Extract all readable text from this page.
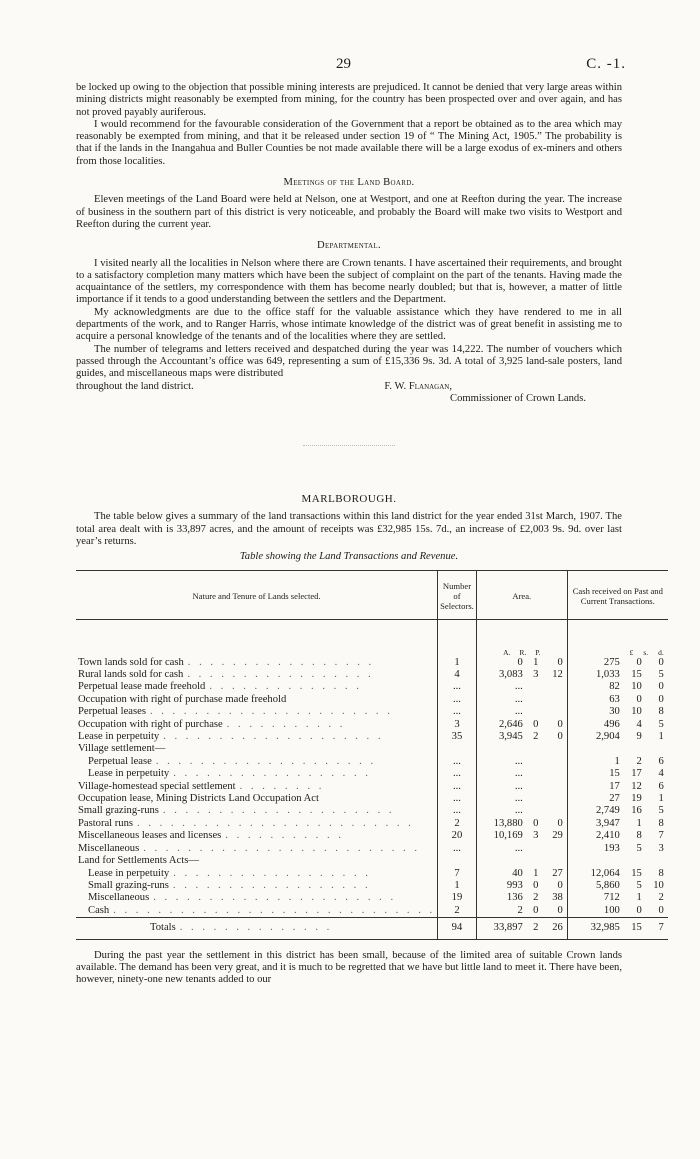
29	C. -1.

be locked up owing to the objection that possible mining interests are prejudiced. It cannot be denied that very large areas within mining districts might reasonably be exempted from mining, for the country has been prospected over and over again, and has not proved payably auriferous.

I would recommend for the favourable consideration of the Government that a report be obtained as to the area which may reasonably be exempted from mining, and that it be released under section 19 of “ The Mining Act, 1905.” The probability is that if the lands in the Inangahua and Buller Counties be not made available there will be a large exodus of ex-miners and others from those localities.

Meetings of the Land Board.

Eleven meetings of the Land Board were held at Nelson, one at Westport, and one at Reefton during the year. The increase of business in the southern part of this district is very noticeable, and probably the Board will make two visits to Westport and Reefton during the current year.

Departmental.

I visited nearly all the localities in Nelson where there are Crown tenants. I have ascertained their requirements, and brought to a satisfactory completion many matters which have been the subject of complaint on the part of the tenants. Having made the acquaintance of the settlers, my correspondence with them has become nearly doubled; but that is, however, a matter of little importance if it tends to a good understanding between the settlers and the Department.

My acknowledgments are due to the office staff for the valuable assistance which they have rendered to me in all departments of the work, and to Ranger Harris, whose intimate knowledge of the district was of great benefit in assisting me to acquire a personal knowledge of the tenants and of the localities where they are settled.

The number of telegrams and letters received and despatched during the year was 14,222. The number of vouchers which passed through the Accountant’s office was 649, representing a sum of £15,336 9s. 3d. A total of 3,925 land-sale posters, land guides, and miscellaneous maps were distributed

throughout the land district.	F. W. Flanagan,
Commissioner of Crown Lands.
MARLBOROUGH.

The table below gives a summary of the land transactions within this land district for the year ended 31st March, 1907. The total area dealt with is 33,897 acres, and the amount of receipts was £32,985 15s. 7d., an increase of £2,003 9s. 9d. over last year’s returns.

Table showing the Land Transactions and Revenue.
Nature and Tenure of Lands selected.	Number of Selectors.	Area.	Cash received on Past and Current Transactions.

		A. R. P.	£ s. d.

Town lands sold for cash . . . . . . . . . . . . . . . . .	1	0 1 0	275 0 0

Rural lands sold for cash . . . . . . . . . . . . . . . . .	4	3,083 3 12	1,033 15 5

Perpetual lease made freehold . . . . . . . . . . . . . .	...	...	82 10 0

Occupation with right of purchase made freehold	...	...	63 0 0

Perpetual leases . . . . . . . . . . . . . . . . . . . . . .	...	...	30 10 8

Occupation with right of purchase . . . . . . . . . . .	3	2,646 0 0	496 4 5

Lease in perpetuity . . . . . . . . . . . . . . . . . . . .	35	3,945 2 0	2,904 9 1

Village settlement—			

Perpetual lease . . . . . . . . . . . . . . . . . . . .	...	...	1 2 6

Lease in perpetuity . . . . . . . . . . . . . . . . . .	...	...	15 17 4

Village-homestead special settlement . . . . . . . .	...	...	17 12 6

Occupation lease, Mining Districts Land Occupation Act	...	...	27 19 1

Small grazing-runs . . . . . . . . . . . . . . . . . . . . .	...	...	2,749 16 5

Pastoral runs . . . . . . . . . . . . . . . . . . . . . . . . .	2	13,880 0 0	3,947 1 8

Miscellaneous leases and licenses . . . . . . . . . . .	20	10,169 3 29	2,410 8 7

Miscellaneous . . . . . . . . . . . . . . . . . . . . . . . . .	...	...	193 5 3

Land for Settlements Acts—			

Lease in perpetuity . . . . . . . . . . . . . . . . . .	7	40 1 27	12,064 15 8

Small grazing-runs . . . . . . . . . . . . . . . . . .	1	993 0 0	5,860 5 10

Miscellaneous . . . . . . . . . . . . . . . . . . . . . .	19	136 2 38	712 1 2

Cash . . . . . . . . . . . . . . . . . . . . . . . . . . . . .	2	2 0 0	100 0 0

Totals . . . . . . . . . . . . . .	94	33,897 2 26	32,985 15 7

During the past year the settlement in this district has been small, because of the limited area of suitable Crown lands available. The demand has been very great, and it is much to be regretted that we have but little land to meet it. There have been, however, ninety-one new tenants added to our
